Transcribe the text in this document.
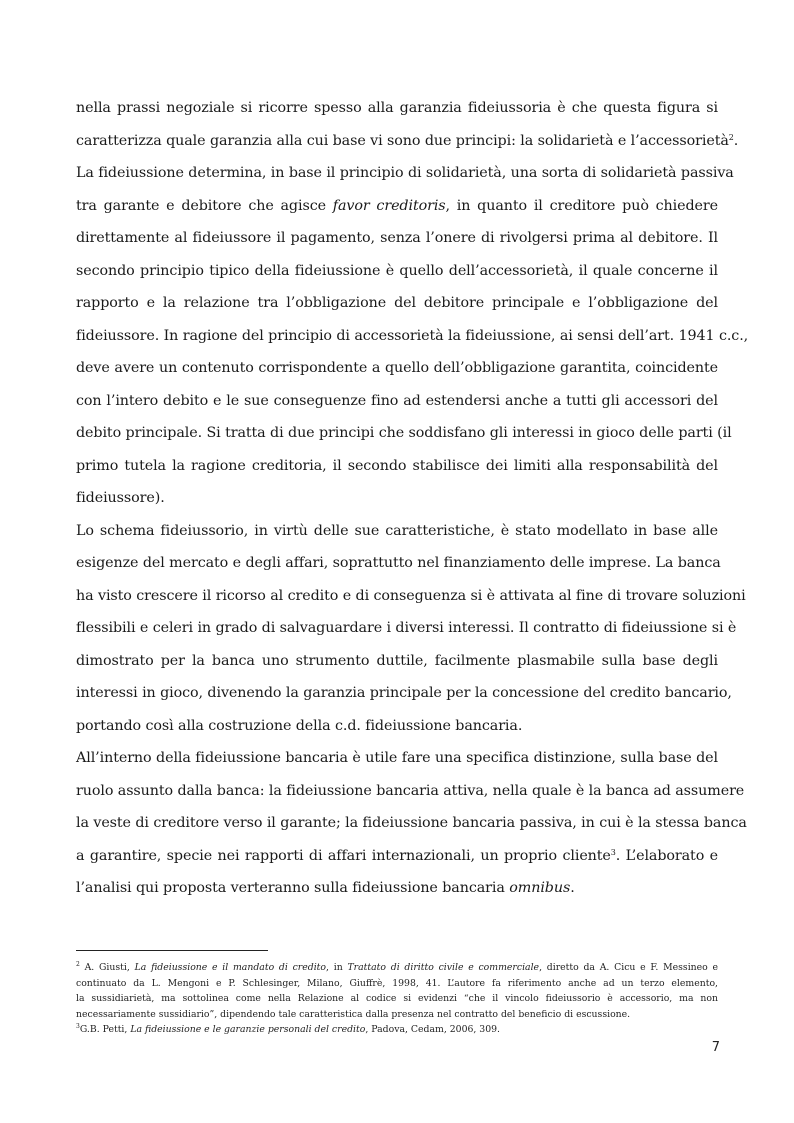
nella prassi negoziale si ricorre spesso alla garanzia fideiussoria è che questa figura si
caratterizza quale garanzia alla cui base vi sono due principi: la solidarietà e l’accessorietà$^2$.
La fideiussione determina, in base il principio di solidarietà, una sorta di solidarietà passiva
tra garante e debitore che agisce favor creditoris, in quanto il creditore può chiedere
direttamente al fideiussore il pagamento, senza l’onere di rivolgersi prima al debitore. Il
secondo principio tipico della fideiussione è quello dell’accessorietà, il quale concerne il
rapporto e la relazione tra l’obbligazione del debitore principale e l’obbligazione del
fideiussore. In ragione del principio di accessorietà la fideiussione, ai sensi dell’art. 1941 c.c.,
deve avere un contenuto corrispondente a quello dell’obbligazione garantita, coincidente
con l’intero debito e le sue conseguenze fino ad estendersi anche a tutti gli accessori del
debito principale. Si tratta di due principi che soddisfano gli interessi in gioco delle parti (il
primo tutela la ragione creditoria, il secondo stabilisce dei limiti alla responsabilità del
fideiussore).
Lo schema fideiussorio, in virtù delle sue caratteristiche, è stato modellato in base alle
esigenze del mercato e degli affari, soprattutto nel finanziamento delle imprese. La banca
ha visto crescere il ricorso al credito e di conseguenza si è attivata al fine di trovare soluzioni
flessibili e celeri in grado di salvaguardare i diversi interessi. Il contratto di fideiussione si è
dimostrato per la banca uno strumento duttile, facilmente plasmabile sulla base degli
interessi in gioco, divenendo la garanzia principale per la concessione del credito bancario,
portando così alla costruzione della c.d. fideiussione bancaria.
All’interno della fideiussione bancaria è utile fare una specifica distinzione, sulla base del
ruolo assunto dalla banca: la fideiussione bancaria attiva, nella quale è la banca ad assumere
la veste di creditore verso il garante; la fideiussione bancaria passiva, in cui è la stessa banca
a garantire, specie nei rapporti di affari internazionali, un proprio cliente$^3$. L’elaborato e
l’analisi qui proposta verteranno sulla fideiussione bancaria omnibus.
$^2$ A. Giusti, La fideiussione e il mandato di credito, in Trattato di diritto civile e commerciale, diretto da A. Cicu e F. Messineo e
continuato da L. Mengoni e P. Schlesinger, Milano, Giuffrè, 1998, 41. L’autore fa riferimento anche ad un terzo elemento,
la sussidiarietà, ma sottolinea come nella Relazione al codice si evidenzi “che il vincolo fideiussorio è accessorio, ma non
necessariamente sussidiario”, dipendendo tale caratteristica dalla presenza nel contratto del beneficio di escussione.
$^3$G.B. Petti, La fideiussione e le garanzie personali del credito, Padova, Cedam, 2006, 309.
7
